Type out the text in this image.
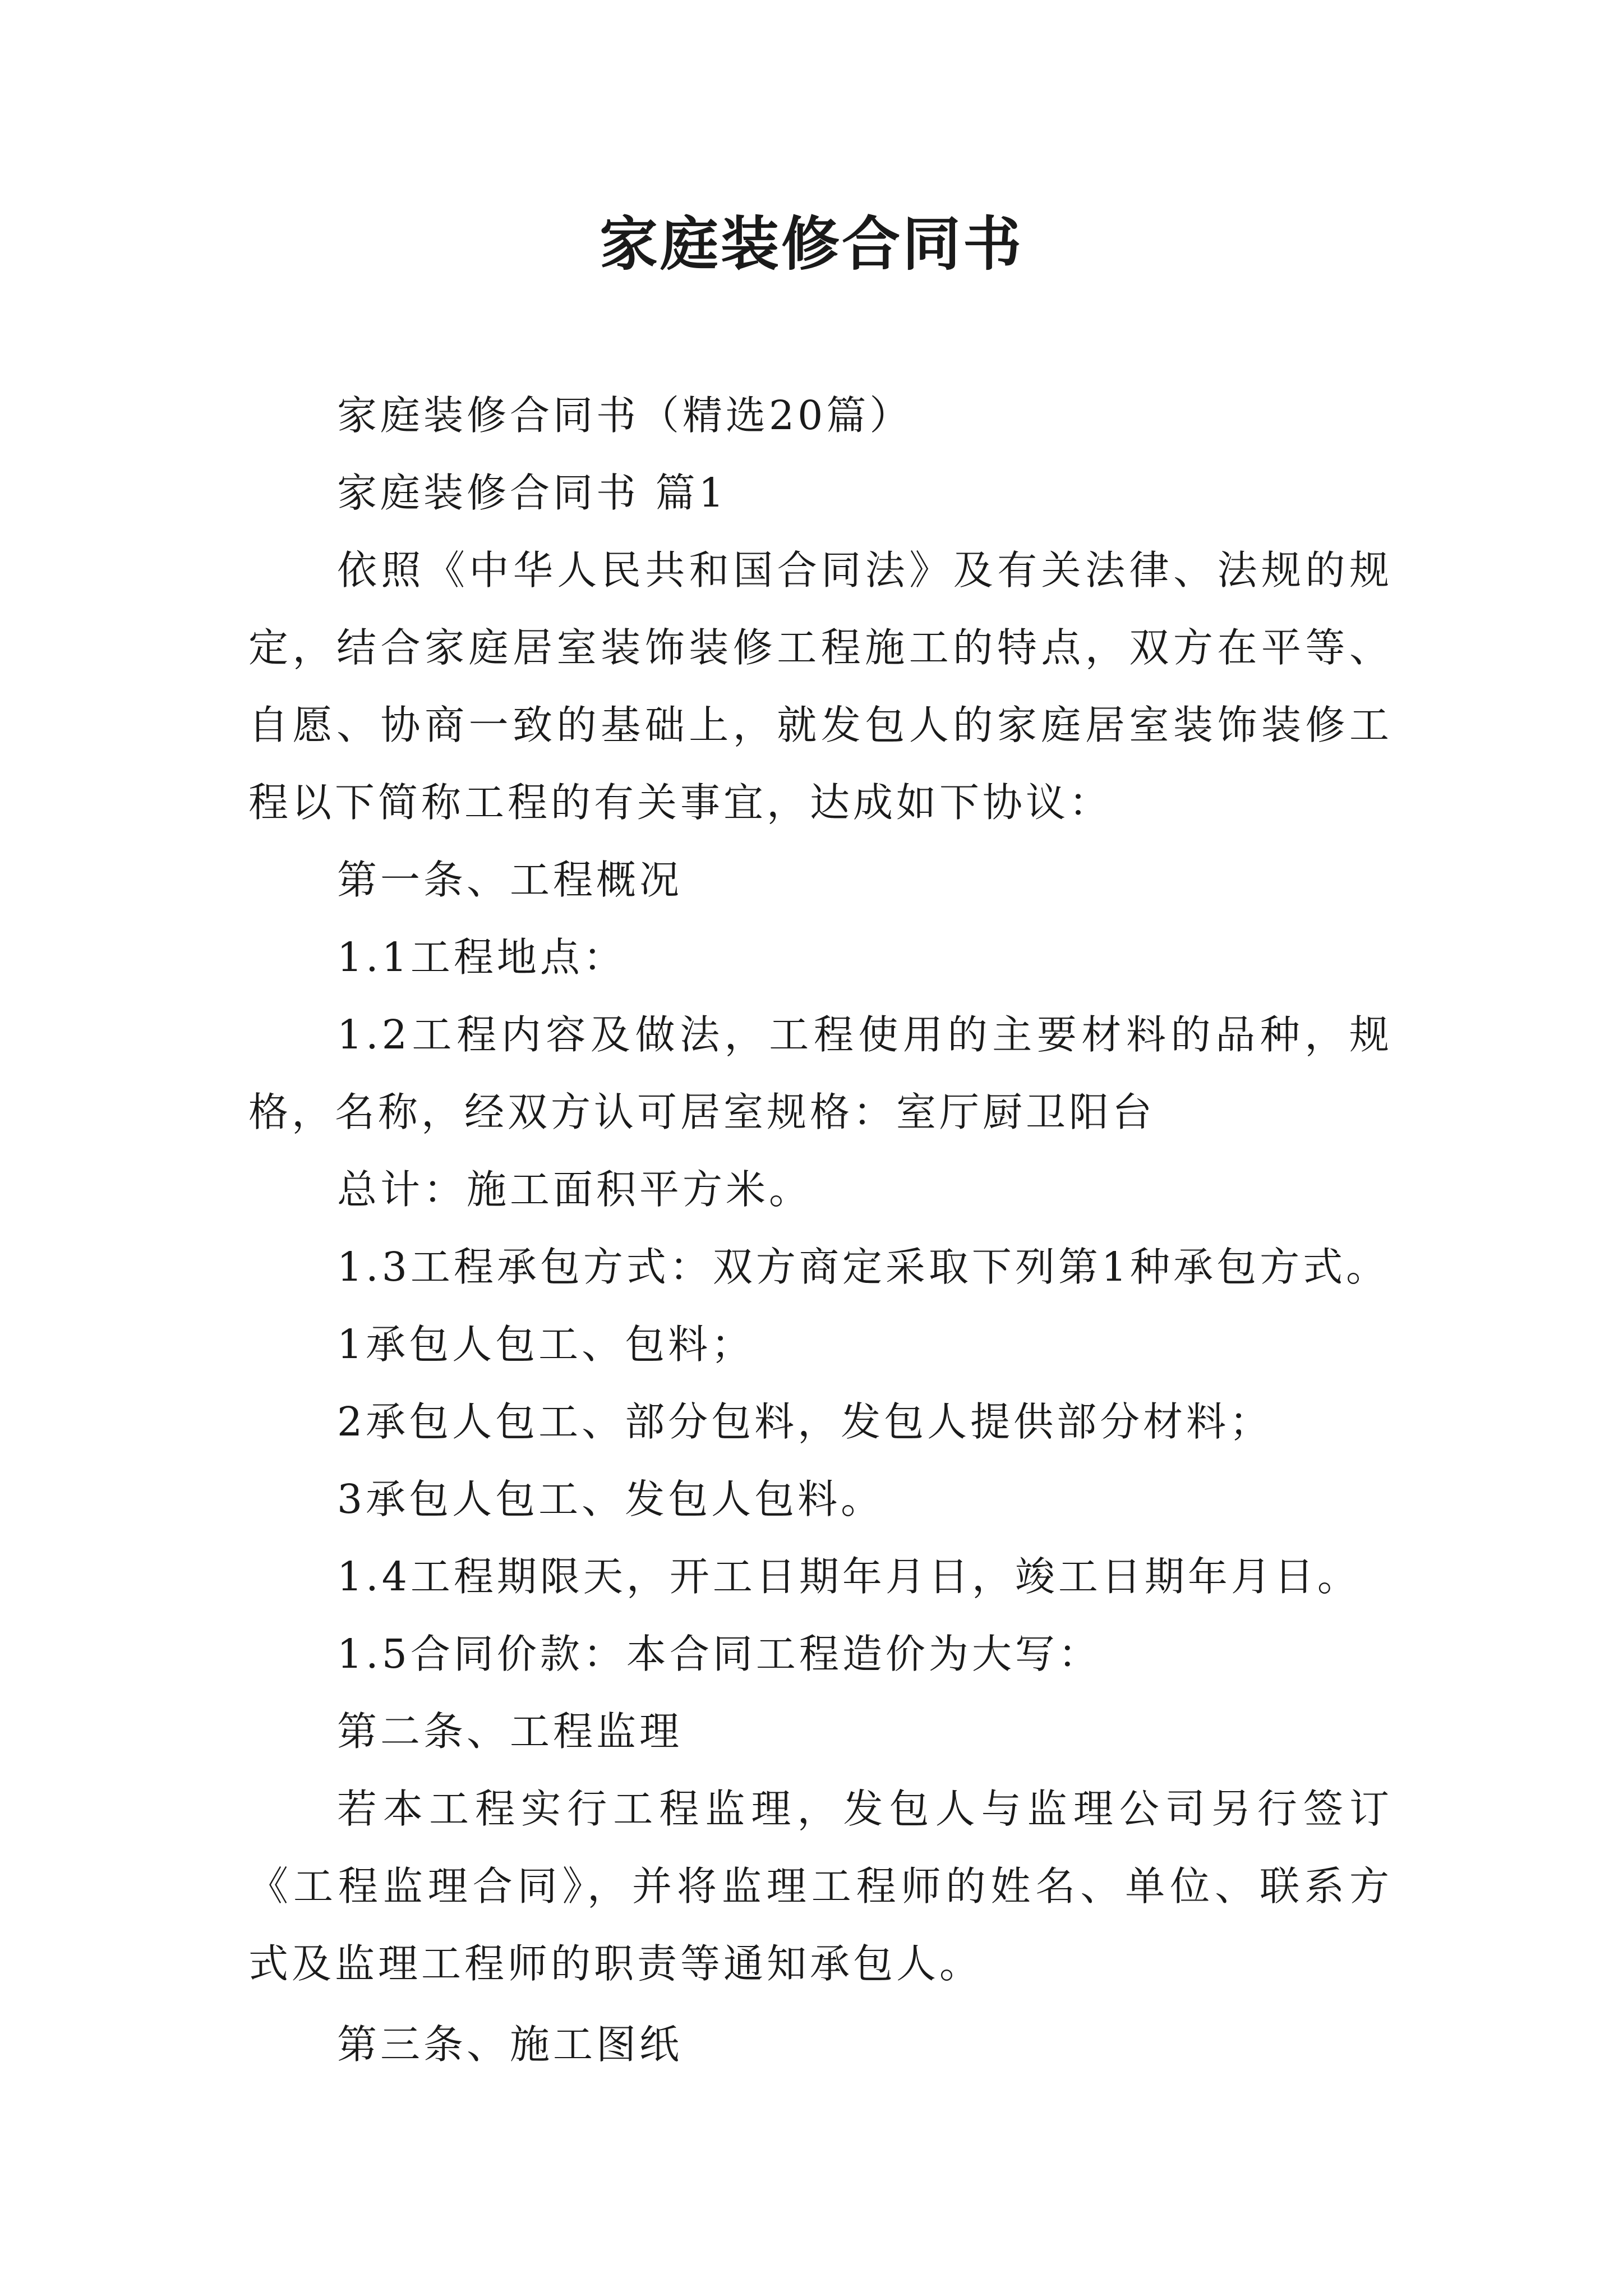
家庭装修合同书

家庭装修合同书（精选20篇）

家庭装修合同书 篇1

依照《中华人民共和国合同法》及有关法律、法规的规定，结合家庭居室装饰装修工程施工的特点，双方在平等、自愿、协商一致的基础上，就发包人的家庭居室装饰装修工程以下简称工程的有关事宜，达成如下协议：

第一条、工程概况

1.1工程地点：

1.2工程内容及做法，工程使用的主要材料的品种，规格，名称，经双方认可居室规格：室厅厨卫阳台

总计：施工面积平方米。

1.3工程承包方式：双方商定采取下列第1种承包方式。

1承包人包工、包料；

2承包人包工、部分包料，发包人提供部分材料；

3承包人包工、发包人包料。

1.4工程期限天，开工日期年月日，竣工日期年月日。

1.5合同价款：本合同工程造价为大写：

第二条、工程监理

若本工程实行工程监理，发包人与监理公司另行签订《工程监理合同》，并将监理工程师的姓名、单位、联系方式及监理工程师的职责等通知承包人。

第三条、施工图纸
